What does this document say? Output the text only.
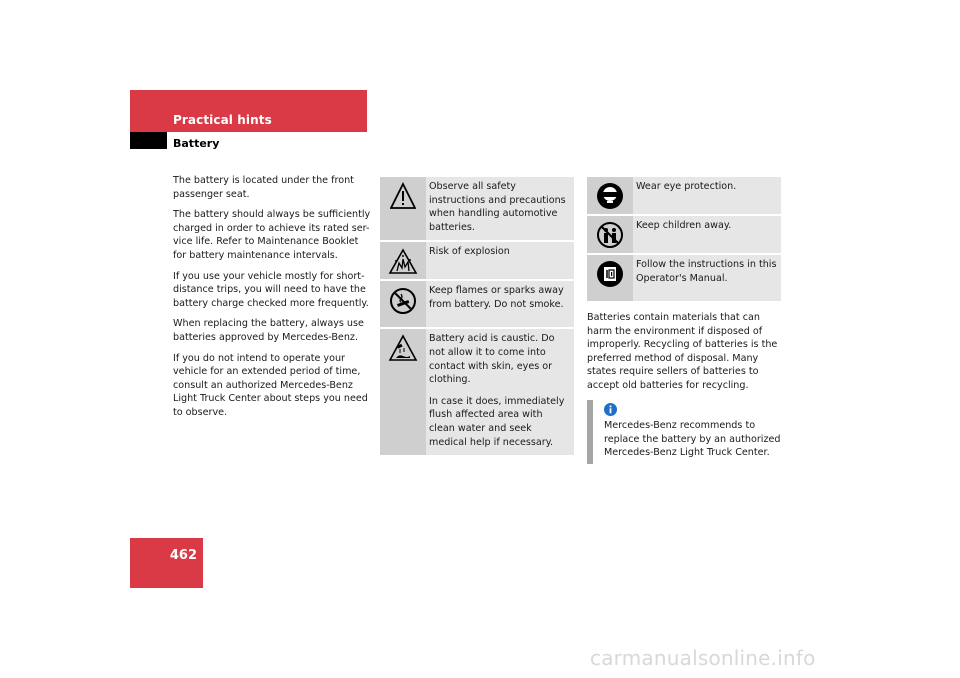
Practical hints
Battery
462

The battery is located under the front passenger seat.

The battery should always be sufficiently charged in order to achieve its rated ser-vice life. Refer to Maintenance Booklet for battery maintenance intervals.

If you use your vehicle mostly for short-distance trips, you will need to have the battery charge checked more frequently.

When replacing the battery, always use batteries approved by Mercedes-Benz.

If you do not intend to operate your vehicle for an extended period of time, consult an authorized Mercedes-Benz Light Truck Center about steps you need to observe.

	Observe all safety instructions and precautions when handling automotive batteries.
	Risk of explosion
	Keep flames or sparks away from battery. Do not smoke.

Battery acid is caustic. Do not allow it to come into contact with skin, eyes or clothing.

In case it does, immediately flush affected area with clean water and seek medical help if necessary.

	Wear eye protection.
	Keep children away.
	Follow the instructions in this Operator's Manual.

Batteries contain materials that can harm the environment if disposed of improperly. Recycling of batteries is the preferred method of disposal. Many states require sellers of batteries to accept old batteries for recycling.

Mercedes-Benz recommends to replace the battery by an authorized Mercedes-Benz Light Truck Center.

carmanualsonline.info
